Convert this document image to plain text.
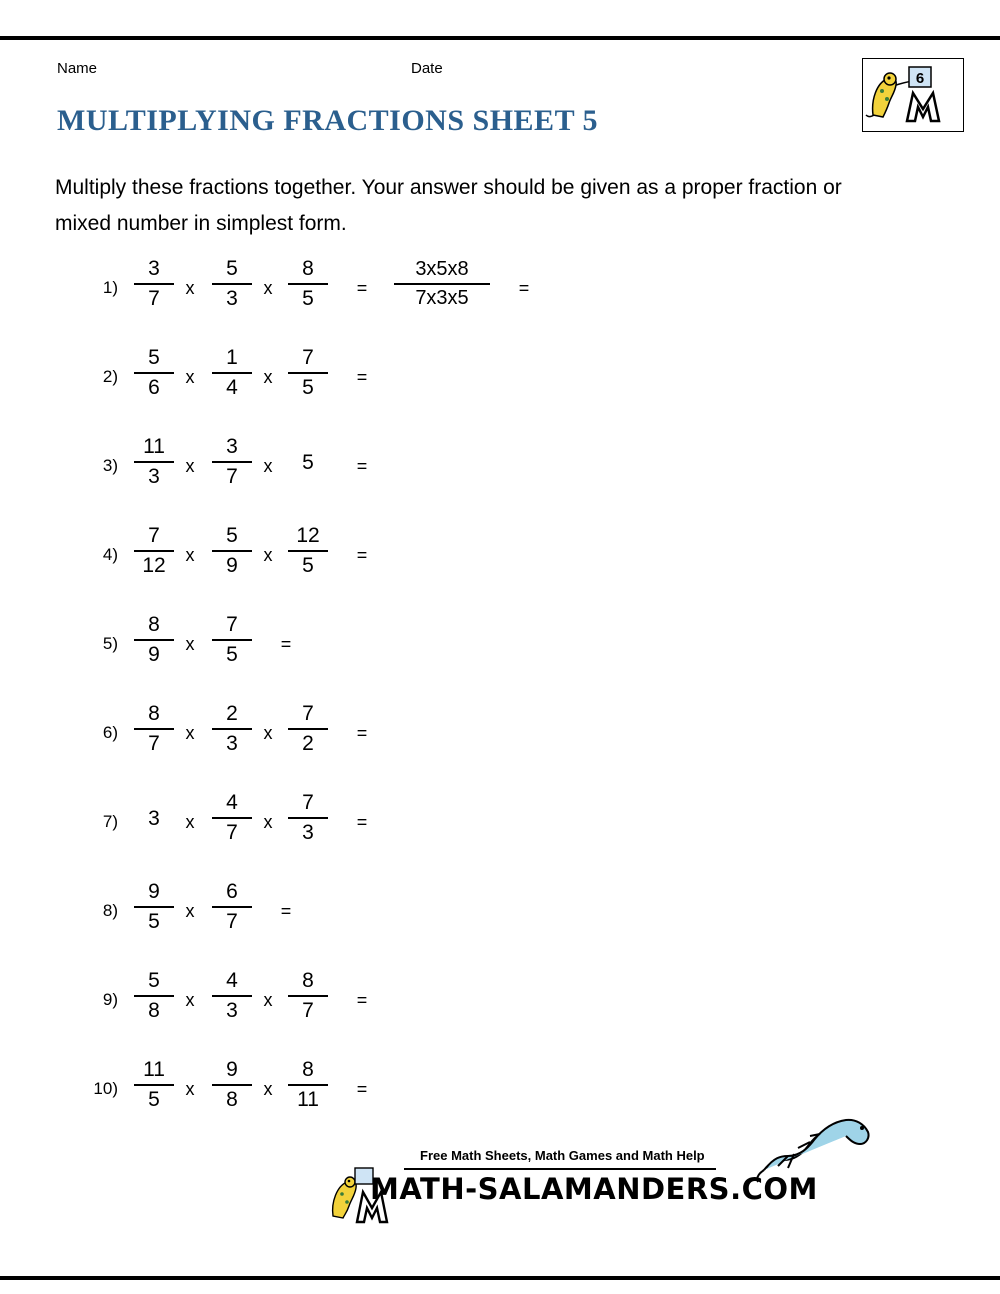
Name	Date
6
MULTIPLYING FRACTIONS SHEET 5
Multiply these fractions together. Your answer should be given as a proper fraction or mixed number in simplest form.
$\frac{3}{7}$ x $\frac{5}{3}$ x $\frac{8}{5}$
1)	=
3x5x8
7x3x5	=
$\frac{5}{6}$ x $\frac{1}{4}$ x $\frac{7}{5}$
2)	=
$\frac{11}{3}$ x $\frac{3}{7}$ x	5
3)	=
$\frac{7}{12}$ x $\frac{5}{9}$ x $\frac{12}{5}$
4)	=
$\frac{8}{9}$ x $\frac{7}{5}$
5)	=
$\frac{8}{7}$ x $\frac{2}{3}$ x $\frac{7}{2}$
6)	=
3	x $\frac{4}{7}$ x $\frac{7}{3}$
7)	=
$\frac{9}{5}$ x $\frac{6}{7}$
8)	=
$\frac{5}{8}$ x $\frac{4}{3}$ x $\frac{8}{7}$
9)	=
$\frac{11}{5}$ x $\frac{9}{8}$ x $\frac{8}{11}$
10)	=
Free Math Sheets, Math Games and Math Help
MATH-SALAMANDERS.COM
